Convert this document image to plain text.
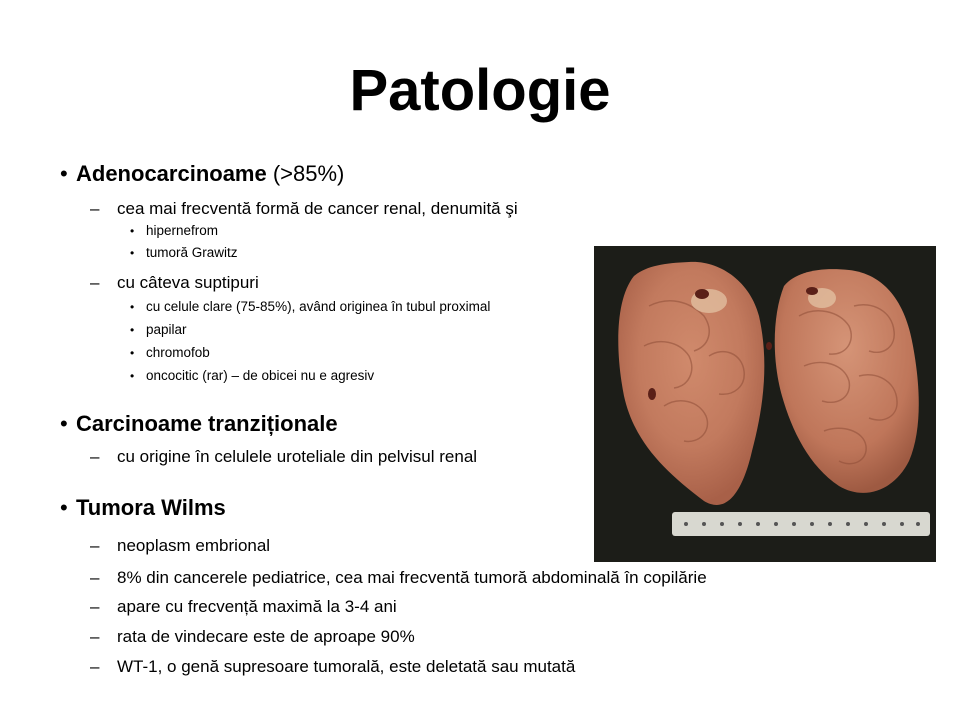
Patologie
• Adenocarcinoame (>85%)
– cea mai frecventă formă de cancer renal, denumită şi
• hipernefrom
• tumoră Grawitz
– cu câteva suptipuri
• cu celule clare (75-85%), având originea în tubul proximal
• papilar
• chromofob
• oncocitic (rar) – de obicei nu e agresiv
• Carcinoame tranziționale
– cu origine în celulele uroteliale din pelvisul renal
• Tumora Wilms
– neoplasm embrional
– 8% din cancerele pediatrice, cea mai frecventă tumoră abdominală în copilărie
– apare cu frecvență maximă la 3-4 ani
– rata de vindecare este de aproape 90%
– WT-1, o genă supresoare tumorală, este deletată sau mutată
